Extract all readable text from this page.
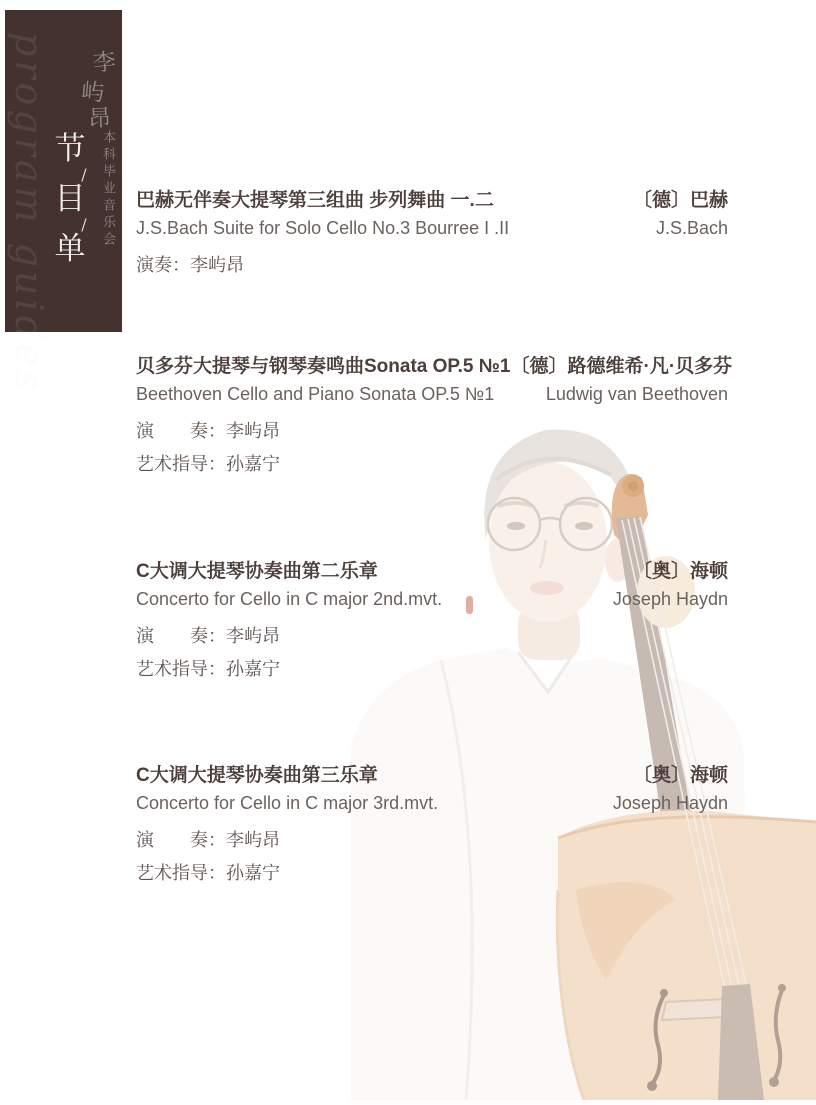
program guides 李
屿
昂
本科毕业音乐会
节
/
目
/
单
巴赫无伴奏大提琴第三组曲 步列舞曲 一.二	〔德〕巴赫
J.S.Bach Suite for Solo Cello No.3 Bourree I .II	J.S.Bach
演奏：李屿昂
贝多芬大提琴与钢琴奏鸣曲Sonata OP.5 №1 〔德〕路德维希·凡·贝多芬
Beethoven Cello and Piano Sonata OP.5 №1	Ludwig van Beethoven
演　　奏：李屿昂
艺术指导：孙嘉宁
C大调大提琴协奏曲第二乐章	〔奥〕海顿
Concerto for Cello in C major 2nd.mvt.	Joseph Haydn
演　　奏：李屿昂
艺术指导：孙嘉宁
C大调大提琴协奏曲第三乐章	〔奥〕海顿
Concerto for Cello in C major 3rd.mvt.	Joseph Haydn
演　　奏：李屿昂
艺术指导：孙嘉宁
